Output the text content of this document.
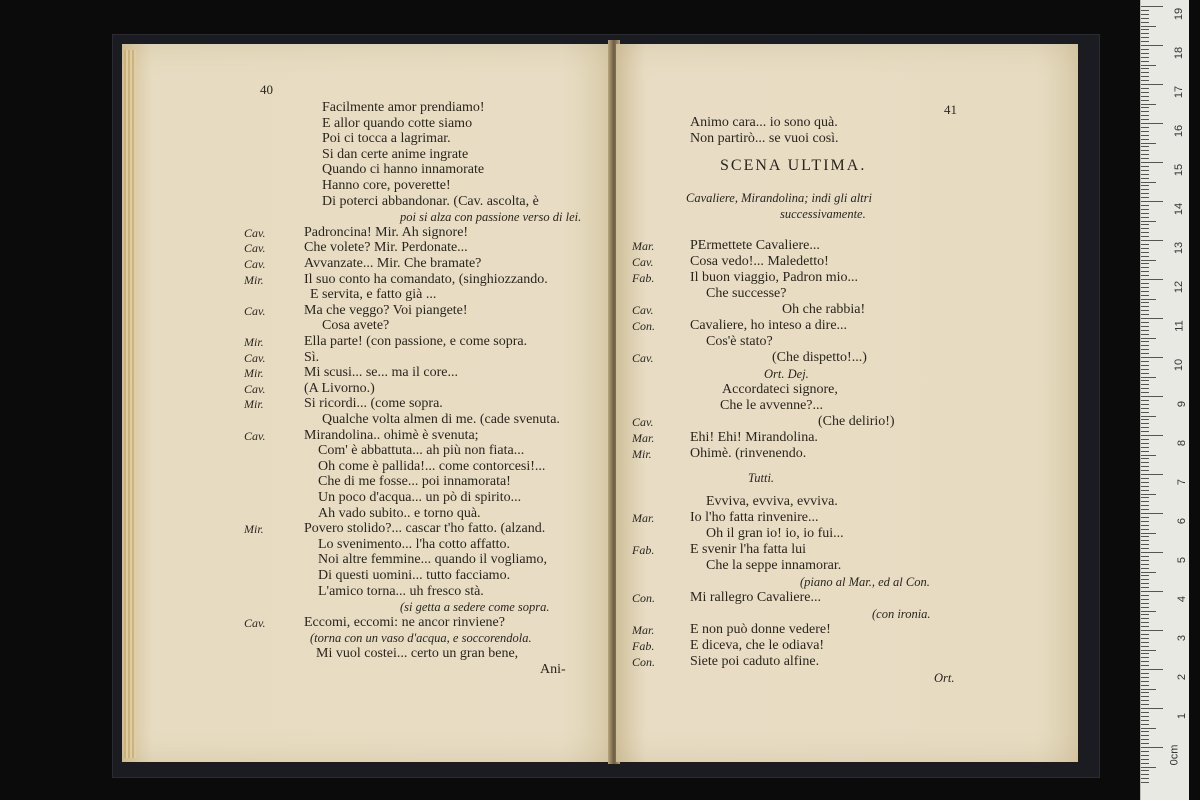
40
41
Facilmente amor prendiamo!
E allor quando cotte siamo
Poi ci tocca a lagrimar.
Si dan certe anime ingrate
Quando ci hanno innamorate
Hanno core, poverette!
Di poterci abbandonar. (Cav. ascolta, è
poi si alza con passione verso di lei.
Cav.	Padroncina! Mir. Ah signore!
Cav.	Che volete? Mir. Perdonate...
Cav.	Avvanzate... Mir. Che bramate?
Mir.	Il suo conto ha comandato, (singhiozzando.
E servita, e fatto già ...
Cav.	Ma che veggo? Voi piangete!
Cosa avete?
Mir.	Ella parte! (con passione, e come sopra.
Cav.	Sì.
Mir.	Mi scusi... se... ma il core...
Cav.	(A Livorno.)
Mir.	Si ricordi... (come sopra.
Qualche volta almen di me. (cade svenuta.
Cav.	Mirandolina.. ohimè è svenuta;
Com' è abbattuta... ah più non fiata...
Oh come è pallida!... come contorcesi!...
Che di me fosse... poi innamorata!
Un poco d'acqua... un pò di spirito...
Ah vado subito.. e torno quà.
Mir.	Povero stolido?... cascar t'ho fatto. (alzand.
Lo svenimento... l'ha cotto affatto.
Noi altre femmine... quando il vogliamo,
Di questi uomini... tutto facciamo.
L'amico torna... uh fresco stà.
(si getta a sedere come sopra.
Cav.	Eccomi, eccomi: ne ancor rinviene?
(torna con un vaso d'acqua, e soccorendola.
Mi vuol costei... certo un gran bene,
Ani-
Animo cara... io sono quà.
Non partirò... se vuoi così.
SCENA ULTIMA.
Cavaliere, Mirandolina; indi gli altri
successivamente.
Mar.	PErmettete Cavaliere...
Cav.	Cosa vedo!... Maledetto!
Fab.	Il buon viaggio, Padron mio...
Che successe?
Cav.	Oh che rabbia!
Con. Cavaliere, ho inteso a dire...
Cos'è stato?
Cav.	(Che dispetto!...)
Ort. Dej.
Accordateci signore,
Che le avvenne?...
Cav.	(Che delirio!)
Mar.	Ehi! Ehi! Mirandolina.
Mir.	Ohimè. (rinvenendo.
Tutti.
Evviva, evviva, evviva.
Mar.	Io l'ho fatta rinvenire...
Oh il gran io! io, io fui...
Fab.	E svenir l'ha fatta lui
Che la seppe innamorar.
(piano al Mar., ed al Con.
Con. Mi rallegro Cavaliere...
(con ironia.
Mar.	E non può donne vedere!
Fab.	E diceva, che le odiava!
Con. Siete poi caduto alfine.
Ort.
19
18
17
16
15
14
13
12
11
10
9
8
7
6
5
4
3
2
1
0cm
